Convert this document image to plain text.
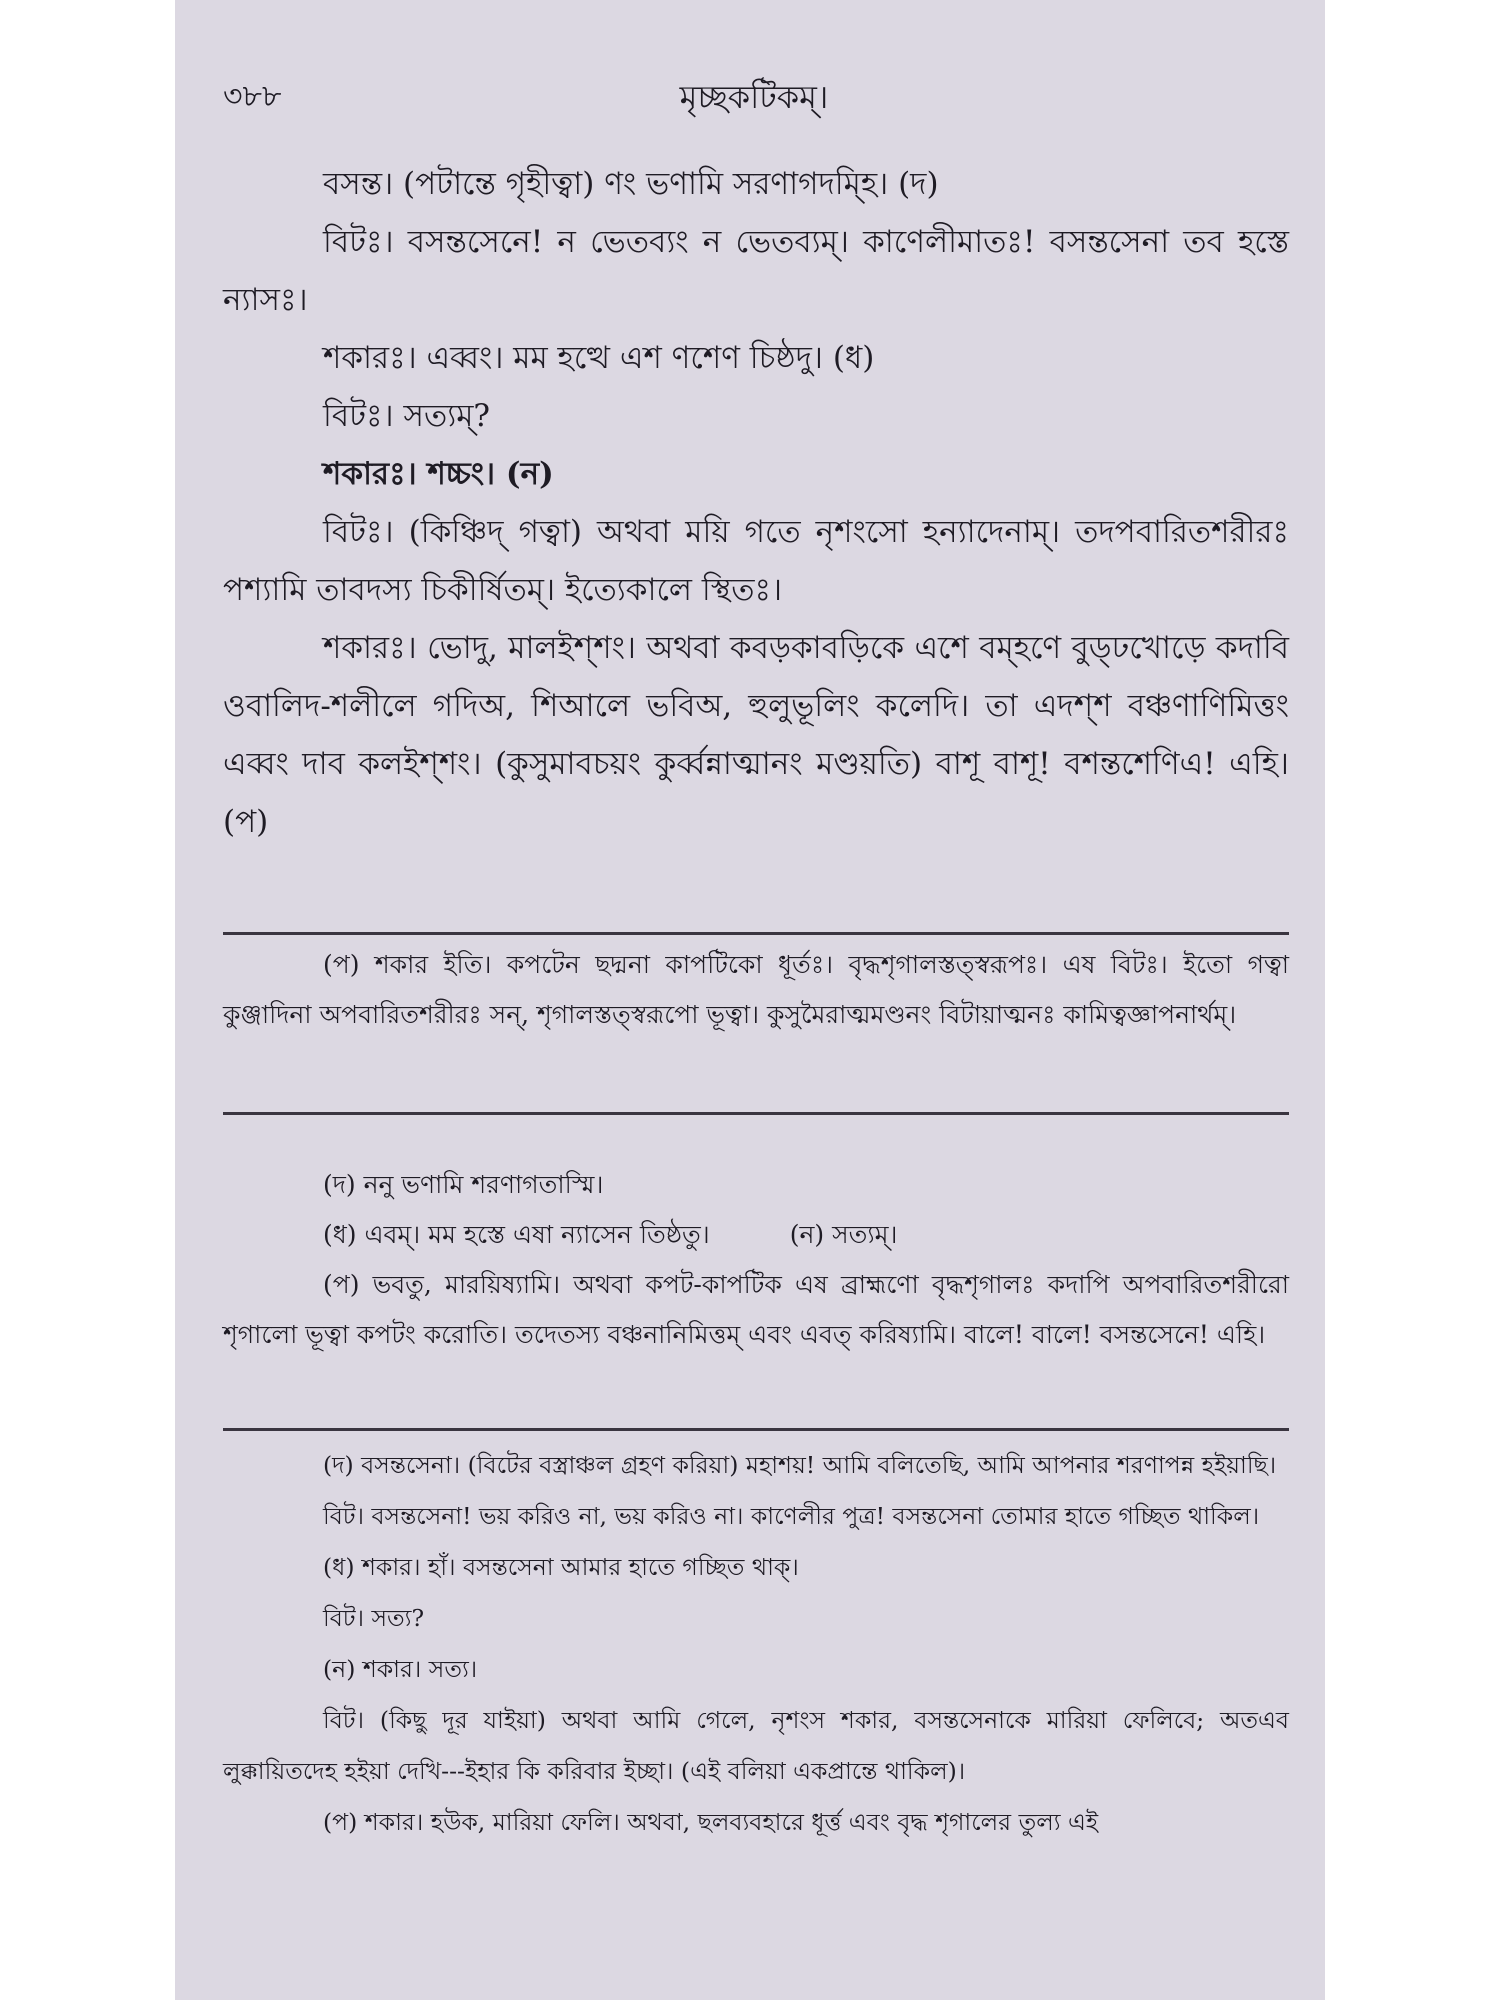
৩৮৮	মৃচ্ছকটিকম্।

বসন্ত। (পটান্তে গৃহীত্বা) ণং ভণামি সরণাগদম্হি। (দ)

বিটঃ। বসন্তসেনে! ন ভেতব্যং ন ভেতব্যম্। কাণেলীমাতঃ! বসন্তসেনা তব হস্তে ন্যাসঃ।

শকারঃ। এব্বং। মম হত্থে এশ ণশেণ চিষ্ঠদু। (ধ)

বিটঃ। সত্যম্?

শকারঃ। শচ্চং। (ন)

বিটঃ। (কিঞ্চিদ্ গত্বা) অথবা ময়ি গতে নৃশংসো হন্যাদেনাম্। তদপবারিতশরীরঃ পশ্যামি তাবদস্য চিকীর্ষিতম্। ইত্যেকালে স্থিতঃ।

শকারঃ। ভোদু, মালইশ্শং। অথবা কবড়কাবড়িকে এশে বম্হণে বুড্ঢখোড়ে কদাবি ওবালিদ-শলীলে গদিঅ, শিআলে ভবিঅ, হুলুভূলিং কলেদি। তা এদশ্শ বঞ্চণাণিমিত্তং এব্বং দাব কলইশ্শং। (কুসুমাবচয়ং কুর্ব্বন্নাত্মানং মণ্ডয়তি) বাশূ বাশূ! বশন্তশেণিএ! এহি। (প)

(প) শকার ইতি। কপটেন ছদ্মনা কাপটিকো ধূর্তঃ। বৃদ্ধশৃগালস্তত্স্বরূপঃ। এষ বিটঃ। ইতো গত্বা কুঞ্জাদিনা অপবারিতশরীরঃ সন্, শৃগালস্তত্স্বরূপো ভূত্বা। কুসুমৈরাত্মমণ্ডনং বিটায়াত্মনঃ কামিত্বজ্ঞাপনার্থম্।

(দ) ননু ভণামি শরণাগতাস্মি।

(ধ) এবম্। মম হস্তে এষা ন্যাসেন তিষ্ঠতু।	(ন) সত্যম্।

(প) ভবতু, মারয়িষ্যামি। অথবা কপট-কাপটিক এষ ব্রাহ্মণো বৃদ্ধশৃগালঃ কদাপি অপবারিতশরীরো শৃগালো ভূত্বা কপটং করোতি। তদেতস্য বঞ্চনানিমিত্তম্ এবং এবত্ করিষ্যামি। বালে! বালে! বসন্তসেনে! এহি।

(দ) বসন্তসেনা। (বিটের বস্ত্রাঞ্চল গ্রহণ করিয়া) মহাশয়! আমি বলিতেছি, আমি আপনার শরণাপন্ন হইয়াছি।

বিট। বসন্তসেনা! ভয় করিও না, ভয় করিও না। কাণেলীর পুত্র! বসন্তসেনা তোমার হাতে গচ্ছিত থাকিল।

(ধ) শকার। হাঁ। বসন্তসেনা আমার হাতে গচ্ছিত থাক্।

বিট। সত্য?

(ন) শকার। সত্য।

বিট। (কিছু দূর যাইয়া) অথবা আমি গেলে, নৃশংস শকার, বসন্তসেনাকে মারিয়া ফেলিবে; অতএব লুক্কায়িতদেহ হইয়া দেখি---ইহার কি করিবার ইচ্ছা। (এই বলিয়া একপ্রান্তে থাকিল)।

(প) শকার। হউক, মারিয়া ফেলি। অথবা, ছলব্যবহারে ধূর্ত্ত এবং বৃদ্ধ শৃগালের তুল্য এই
